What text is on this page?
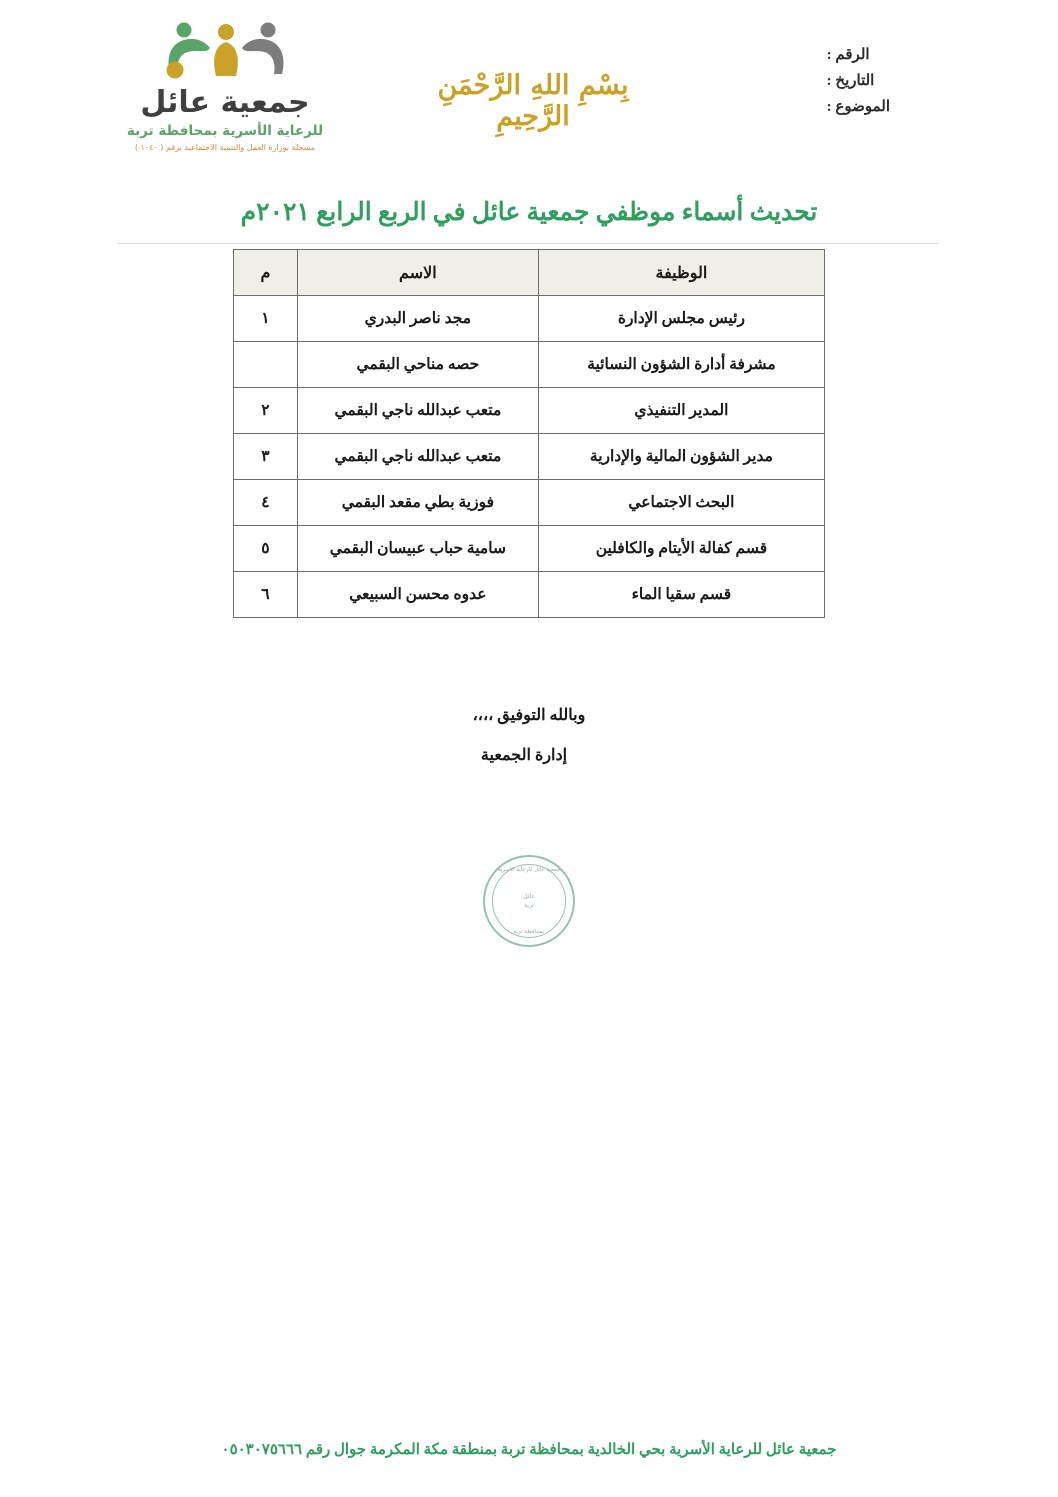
الرقم :
التاريخ :
الموضوع :
بِسْمِ اللهِ الرَّحْمَنِ الرَّحِيمِ
جمعية عائل
للرعاية الأسرية بمحافظة تربة
مسجلة بوزارة العمل والتنمية الاجتماعية برقم ( ١٠٤٠ )
تحديث أسماء موظفي جمعية عائل في الربع الرابع ٢٠٢١م
الوظيفة	الاسم	م
رئيس مجلس الإدارة	مجد ناصر البدري	١
مشرفة أدارة الشؤون النسائية	حصه مناحي البقمي	
المدير التنفيذي	متعب عبدالله ناجي البقمي	٢
مدير الشؤون المالية والإدارية	متعب عبدالله ناجي البقمي	٣
البحث الاجتماعي	فوزية بطي مقعد البقمي	٤
قسم كفالة الأيتام والكافلين	سامية حباب عبيسان البقمي	٥
قسم سقيا الماء	عدوه محسن السبيعي	٦
وبالله التوفيق ،،،،
إدارة الجمعية
جمعية عائل للرعاية الأسرية
عائل
تربة
بمحافظة تربة
جمعية عائل للرعاية الأسرية بحي الخالدية بمحافظة تربة بمنطقة مكة المكرمة جوال رقم ٠٥٠٣٠٧٥٦٦٦
